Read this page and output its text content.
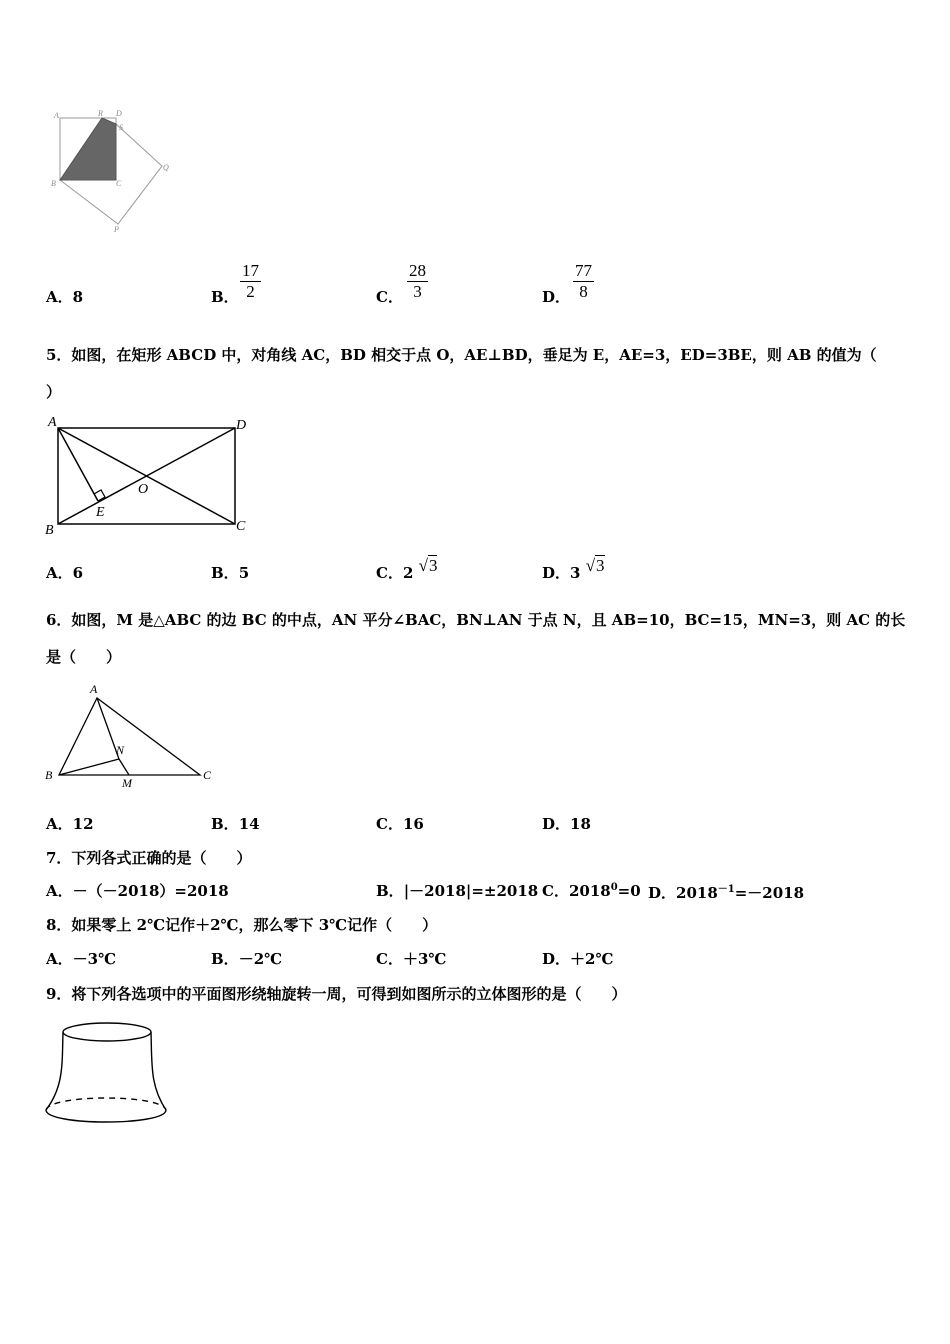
A	R D
S
Q
B	C
P
A．8	B． $\frac{17}{2}$	C． $\frac{28}{3}$	D． $\frac{77}{8}$
5．如图，在矩形 ABCD 中，对角线 AC，BD 相交于点 O，AE⊥BD，垂足为 E，AE=3，ED=3BE，则 AB 的值为（
）
A	D
B	C
O
E
A．6	B．5	C．2 √3	D．3 √3
6．如图，M 是△ABC 的边 BC 的中点，AN 平分∠BAC，BN⊥AN 于点 N，且 AB=10，BC=15，MN=3，则 AC 的长
是（　　）
A
B	C
N
M
A．12	B．14	C．16	D．18
7．下列各式正确的是（　　）
A．－（－2018）=2018	B．|－2018|=±2018 C．$2018^0=0$ D．$2018^{-1}=-2018$
8．如果零上 2℃记作＋2℃，那么零下 3℃记作（　　）
A．－3℃	B．－2℃	C．＋3℃	D．＋2℃
9．将下列各选项中的平面图形绕轴旋转一周，可得到如图所示的立体图形的是（　　）
